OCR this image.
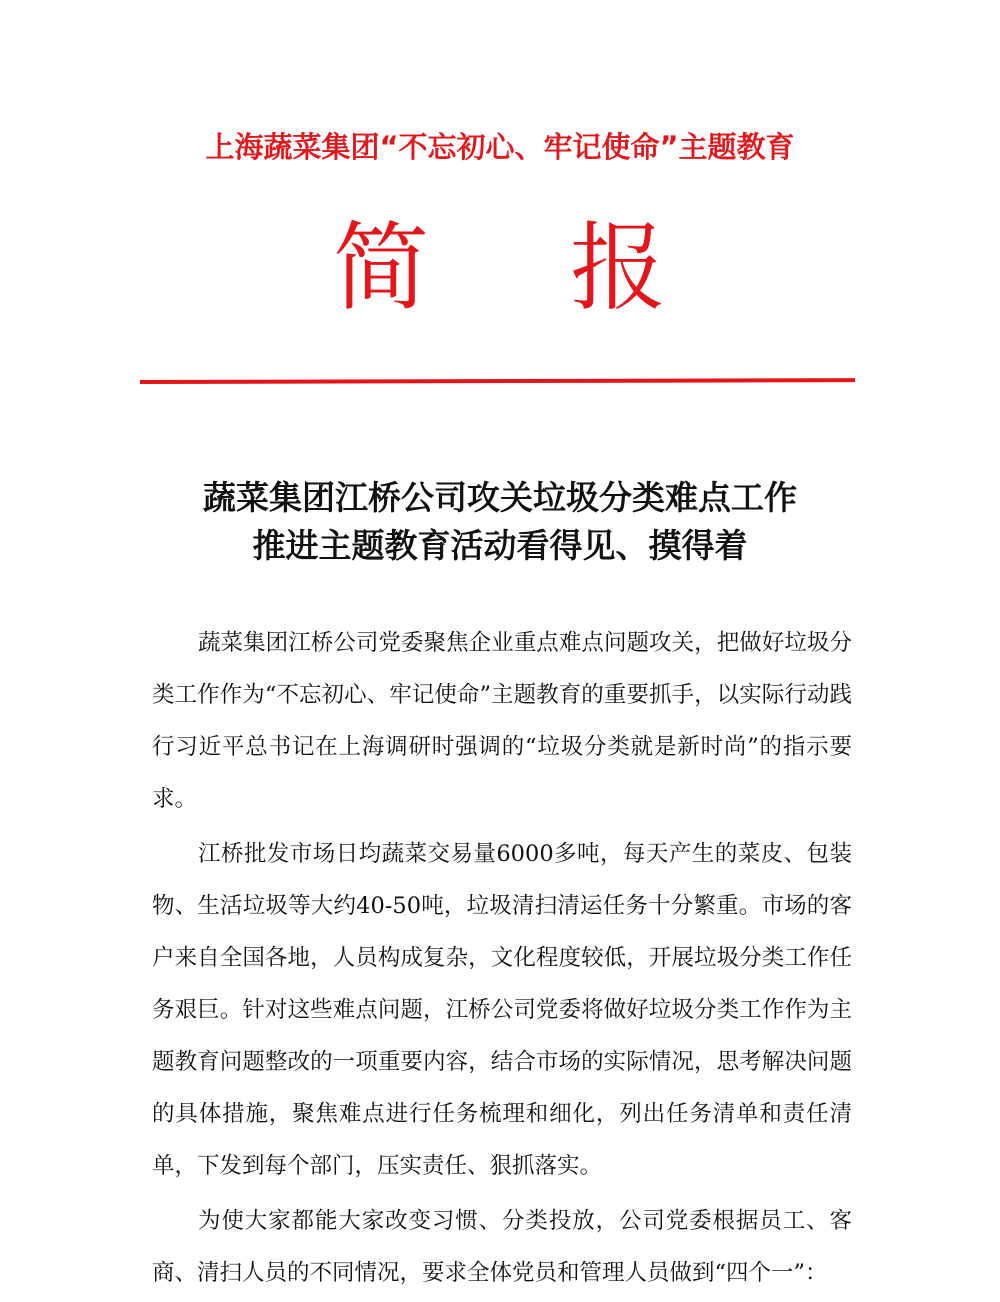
上海蔬菜集团“不忘初心、牢记使命”主题教育
简 报
蔬菜集团江桥公司攻关垃圾分类难点工作
推进主题教育活动看得见、摸得着

蔬菜集团江桥公司党委聚焦企业重点难点问题攻关，把做好垃圾分类工作作为“不忘初心、牢记使命”主题教育的重要抓手，以实际行动践行习近平总书记在上海调研时强调的“垃圾分类就是新时尚”的指示要求。

江桥批发市场日均蔬菜交易量6000多吨，每天产生的菜皮、包装物、生活垃圾等大约40-50吨，垃圾清扫清运任务十分繁重。市场的客户来自全国各地，人员构成复杂，文化程度较低，开展垃圾分类工作任务艰巨。针对这些难点问题，江桥公司党委将做好垃圾分类工作作为主题教育问题整改的一项重要内容，结合市场的实际情况，思考解决问题的具体措施，聚焦难点进行任务梳理和细化，列出任务清单和责任清单，下发到每个部门，压实责任、狠抓落实。

为使大家都能大家改变习惯、分类投放，公司党委根据员工、客商、清扫人员的不同情况，要求全体党员和管理人员做到“四个一”：
